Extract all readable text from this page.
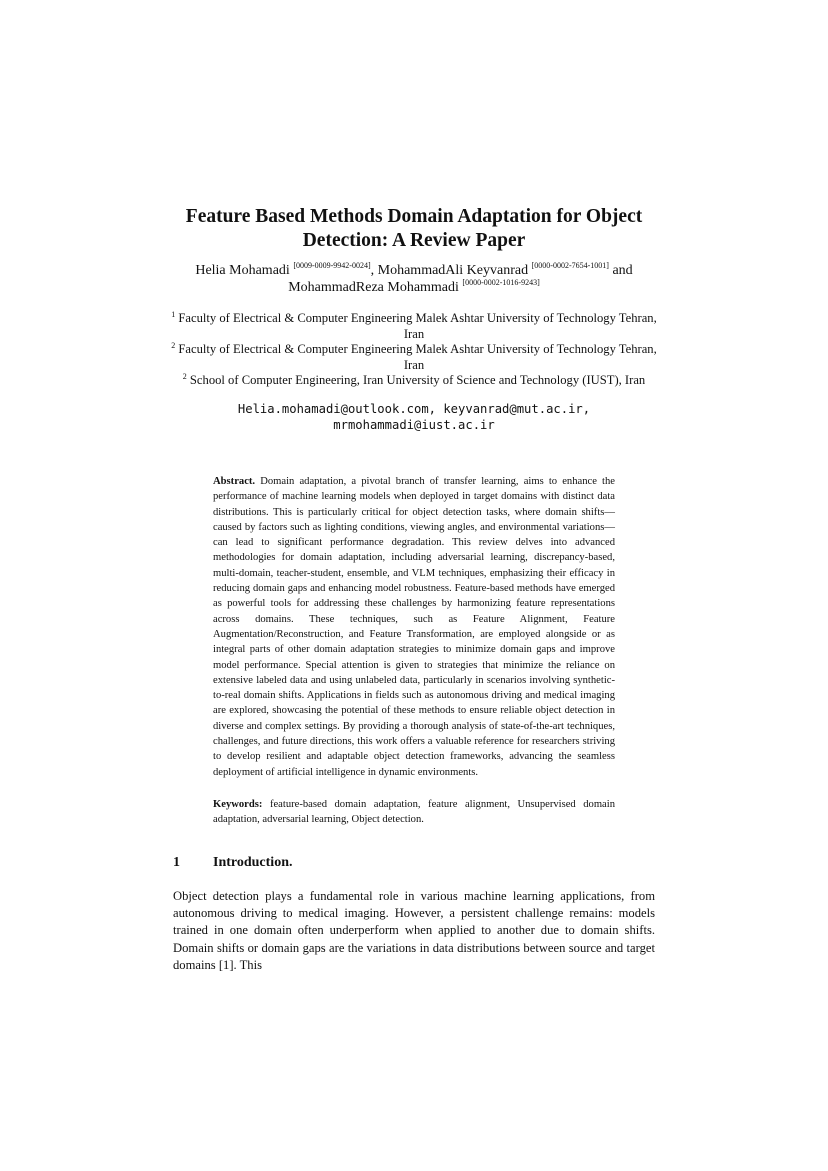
Feature Based Methods Domain Adaptation for Object
Detection: A Review Paper
Helia Mohamadi [0009-0009-9942-0024], MohammadAli Keyvanrad [0000-0002-7654-1001] and
MohammadReza Mohammadi [0000-0002-1016-9243]

$^1$ Faculty of Electrical & Computer Engineering Malek Ashtar University of Technology Tehran, Iran

$^2$ Faculty of Electrical & Computer Engineering Malek Ashtar University of Technology Tehran, Iran

$^2$ School of Computer Engineering, Iran University of Science and Technology (IUST), Iran

Helia.mohamadi@outlook.com, keyvanrad@mut.ac.ir,
mrmohammadi@iust.ac.ir
Abstract. Domain adaptation, a pivotal branch of transfer learning, aims to enhance the performance of machine learning models when deployed in target domains with distinct data distributions. This is particularly critical for object detection tasks, where domain shifts—caused by factors such as lighting conditions, viewing angles, and environmental variations—can lead to significant performance degradation. This review delves into advanced methodologies for domain adaptation, including adversarial learning, discrepancy-based, multi-domain, teacher-student, ensemble, and VLM techniques, emphasizing their efficacy in reducing domain gaps and enhancing model robustness. Feature-based methods have emerged as powerful tools for addressing these challenges by harmonizing feature representations across domains. These techniques, such as Feature Alignment, Feature Augmentation/Reconstruction, and Feature Transformation, are employed alongside or as integral parts of other domain adaptation strategies to minimize domain gaps and improve model performance. Special attention is given to strategies that minimize the reliance on extensive labeled data and using unlabeled data, particularly in scenarios involving synthetic-to-real domain shifts. Applications in fields such as autonomous driving and medical imaging are explored, showcasing the potential of these methods to ensure reliable object detection in diverse and complex settings. By providing a thorough analysis of state-of-the-art techniques, challenges, and future directions, this work offers a valuable reference for researchers striving to develop resilient and adaptable object detection frameworks, advancing the seamless deployment of artificial intelligence in dynamic environments.
Keywords: feature-based domain adaptation, feature alignment, Unsupervised domain adaptation, adversarial learning, Object detection.
1 Introduction.
Object detection plays a fundamental role in various machine learning applications, from autonomous driving to medical imaging. However, a persistent challenge remains: models trained in one domain often underperform when applied to another due to domain shifts. Domain shifts or domain gaps are the variations in data distributions between source and target domains [1]. This
